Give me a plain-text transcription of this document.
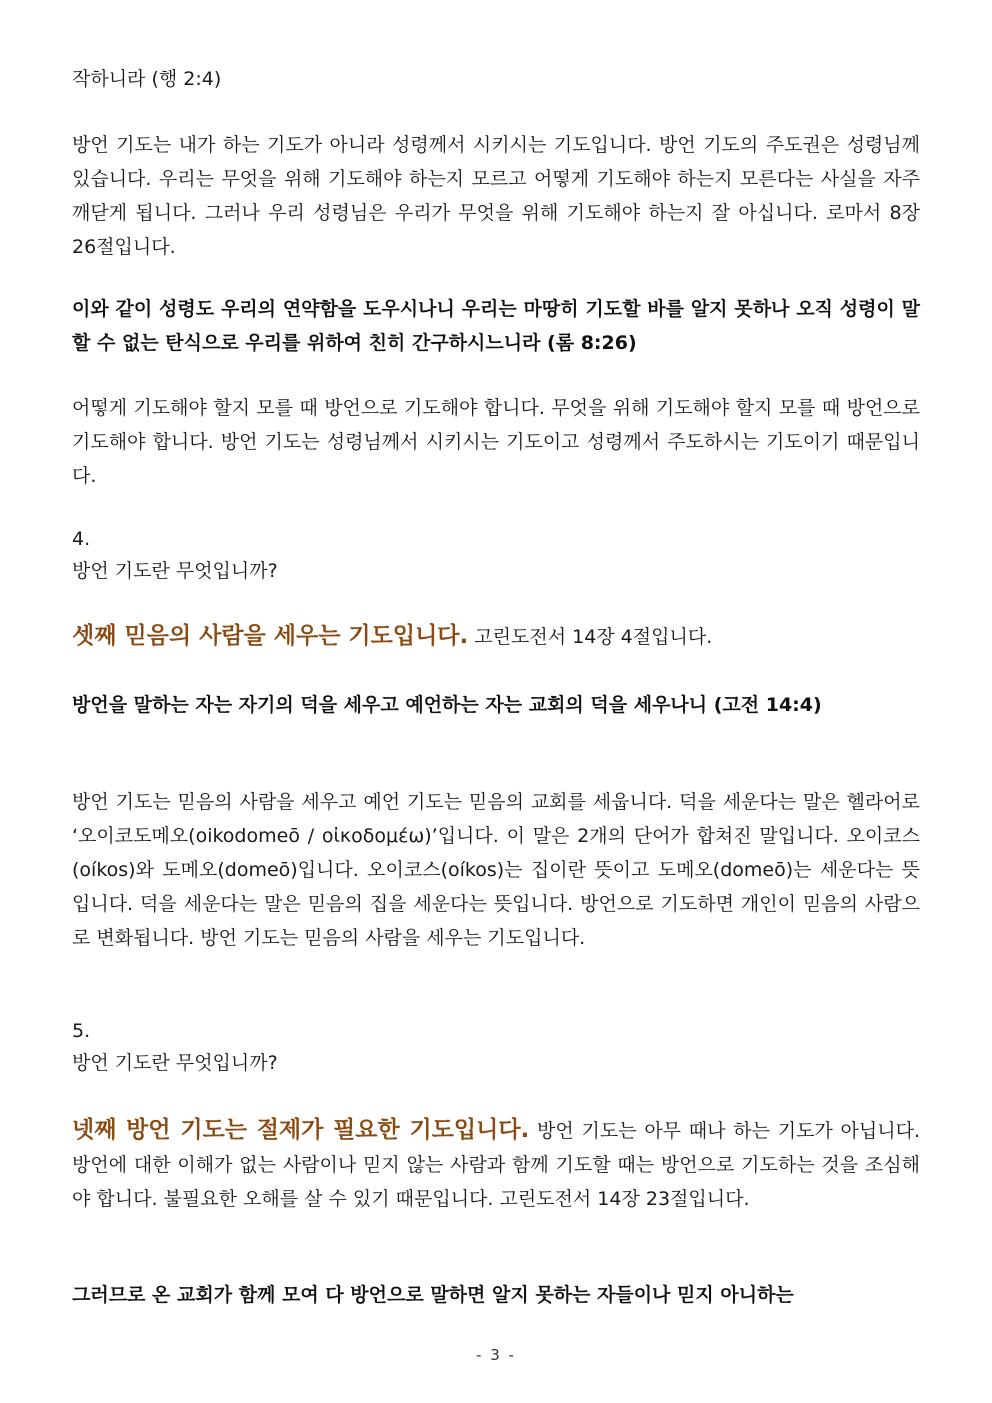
작하니라 (행 2:4)

방언 기도는 내가 하는 기도가 아니라 성령께서 시키시는 기도입니다. 방언 기도의 주도권은 성령님께 있습니다. 우리는 무엇을 위해 기도해야 하는지 모르고 어떻게 기도해야 하는지 모른다는 사실을 자주 깨닫게 됩니다. 그러나 우리 성령님은 우리가 무엇을 위해 기도해야 하는지 잘 아십니다. 로마서 8장 26절입니다.

이와 같이 성령도 우리의 연약함을 도우시나니 우리는 마땅히 기도할 바를 알지 못하나 오직 성령이 말할 수 없는 탄식으로 우리를 위하여 친히 간구하시느니라 (롬 8:26)

어떻게 기도해야 할지 모를 때 방언으로 기도해야 합니다. 무엇을 위해 기도해야 할지 모를 때 방언으로 기도해야 합니다. 방언 기도는 성령님께서 시키시는 기도이고 성령께서 주도하시는 기도이기 때문입니다.

4.

방언 기도란 무엇입니까?

셋째 믿음의 사람을 세우는 기도입니다. 고린도전서 14장 4절입니다.

방언을 말하는 자는 자기의 덕을 세우고 예언하는 자는 교회의 덕을 세우나니 (고전 14:4)

방언 기도는 믿음의 사람을 세우고 예언 기도는 믿음의 교회를 세웁니다. 덕을 세운다는 말은 헬라어로 ‘오이코도메오(oikodomeō / οἰκοδομέω)’입니다. 이 말은 2개의 단어가 합쳐진 말입니다. 오이코스(oíkos)와 도메오(domeō)입니다. 오이코스(oíkos)는 집이란 뜻이고 도메오(domeō)는 세운다는 뜻입니다. 덕을 세운다는 말은 믿음의 집을 세운다는 뜻입니다. 방언으로 기도하면 개인이 믿음의 사람으로 변화됩니다. 방언 기도는 믿음의 사람을 세우는 기도입니다.

5.

방언 기도란 무엇입니까?

넷째 방언 기도는 절제가 필요한 기도입니다. 방언 기도는 아무 때나 하는 기도가 아닙니다. 방언에 대한 이해가 없는 사람이나 믿지 않는 사람과 함께 기도할 때는 방언으로 기도하는 것을 조심해야 합니다. 불필요한 오해를 살 수 있기 때문입니다. 고린도전서 14장 23절입니다.

그러므로 온 교회가 함께 모여 다 방언으로 말하면 알지 못하는 자들이나 믿지 아니하는

- 3 -
